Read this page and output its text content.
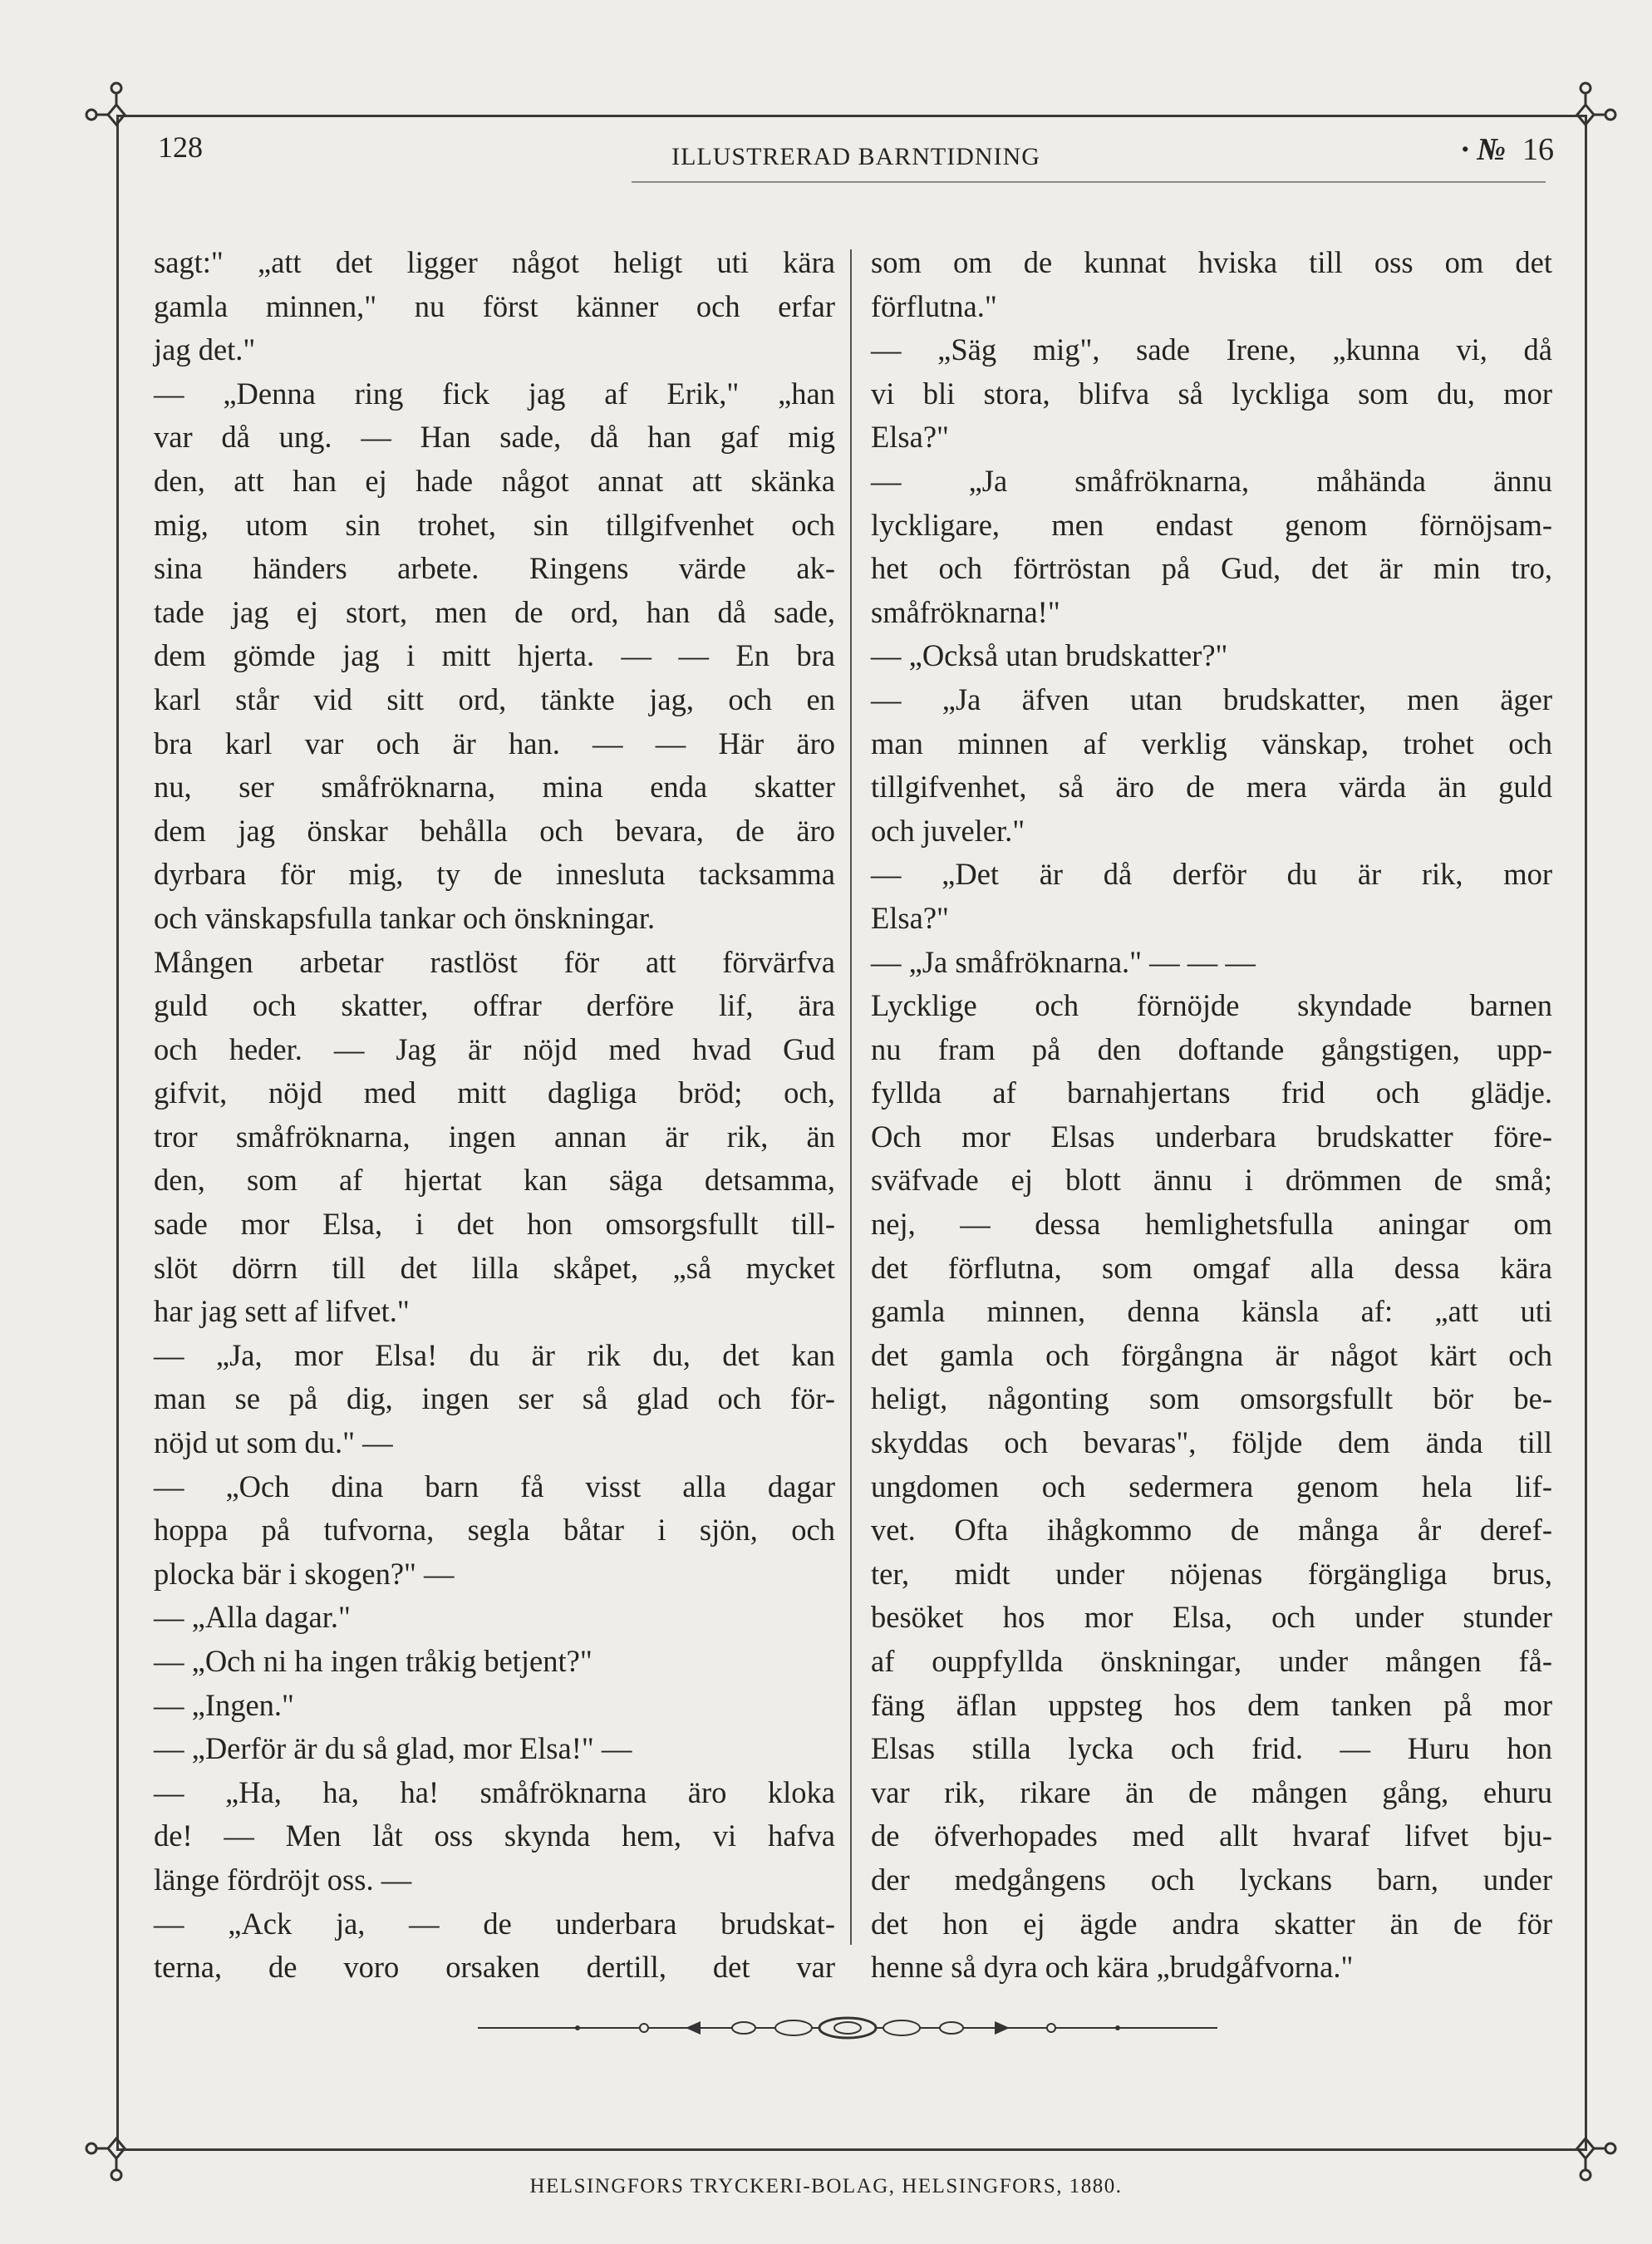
128	ILLUSTRERAD BARNTIDNING	· № 16
sagt:" „att det ligger något heligt uti kära
gamla minnen," nu först känner och erfar
jag det."
— „Denna ring fick jag af Erik," „han
var då ung. — Han sade, då han gaf mig
den, att han ej hade något annat att skänka
mig, utom sin trohet, sin tillgifvenhet och
sina händers arbete. Ringens värde ak-
tade jag ej stort, men de ord, han då sade,
dem gömde jag i mitt hjerta. — — En bra
karl står vid sitt ord, tänkte jag, och en
bra karl var och är han. — — Här äro
nu, ser småfröknarna, mina enda skatter
dem jag önskar behålla och bevara, de äro
dyrbara för mig, ty de innesluta tacksamma
och vänskapsfulla tankar och önskningar.
Mången arbetar rastlöst för att förvärfva
guld och skatter, offrar derföre lif, ära
och heder. — Jag är nöjd med hvad Gud
gifvit, nöjd med mitt dagliga bröd; och,
tror småfröknarna, ingen annan är rik, än
den, som af hjertat kan säga detsamma,
sade mor Elsa, i det hon omsorgsfullt till-
slöt dörrn till det lilla skåpet, „så mycket
har jag sett af lifvet."
— „Ja, mor Elsa! du är rik du, det kan
man se på dig, ingen ser så glad och för-
nöjd ut som du." —
— „Och dina barn få visst alla dagar
hoppa på tufvorna, segla båtar i sjön, och
plocka bär i skogen?" —
— „Alla dagar."
— „Och ni ha ingen tråkig betjent?"
— „Ingen."
— „Derför är du så glad, mor Elsa!" —
— „Ha, ha, ha! småfröknarna äro kloka
de! — Men låt oss skynda hem, vi hafva
länge fördröjt oss. —
— „Ack ja, — de underbara brudskat-
terna, de voro orsaken dertill, det var
som om de kunnat hviska till oss om det
förflutna."
— „Säg mig", sade Irene, „kunna vi, då
vi bli stora, blifva så lyckliga som du, mor
Elsa?"
— „Ja småfröknarna, måhända ännu
lyckligare, men endast genom förnöjsam-
het och förtröstan på Gud, det är min tro,
småfröknarna!"
— „Också utan brudskatter?"
— „Ja äfven utan brudskatter, men äger
man minnen af verklig vänskap, trohet och
tillgifvenhet, så äro de mera värda än guld
och juveler."
— „Det är då derför du är rik, mor
Elsa?"
— „Ja småfröknarna." — — —
Lycklige och förnöjde skyndade barnen
nu fram på den doftande gångstigen, upp-
fyllda af barnahjertans frid och glädje.
Och mor Elsas underbara brudskatter före-
sväfvade ej blott ännu i drömmen de små;
nej, — dessa hemlighetsfulla aningar om
det förflutna, som omgaf alla dessa kära
gamla minnen, denna känsla af: „att uti
det gamla och förgångna är något kärt och
heligt, någonting som omsorgsfullt bör be-
skyddas och bevaras", följde dem ända till
ungdomen och sedermera genom hela lif-
vet. Ofta ihågkommo de många år deref-
ter, midt under nöjenas förgängliga brus,
besöket hos mor Elsa, och under stunder
af ouppfyllda önskningar, under mången få-
fäng äflan uppsteg hos dem tanken på mor
Elsas stilla lycka och frid. — Huru hon
var rik, rikare än de mången gång, ehuru
de öfverhopades med allt hvaraf lifvet bju-
der medgångens och lyckans barn, under
det hon ej ägde andra skatter än de för
henne så dyra och kära „brudgåfvorna."
HELSINGFORS TRYCKERI-BOLAG, HELSINGFORS, 1880.
